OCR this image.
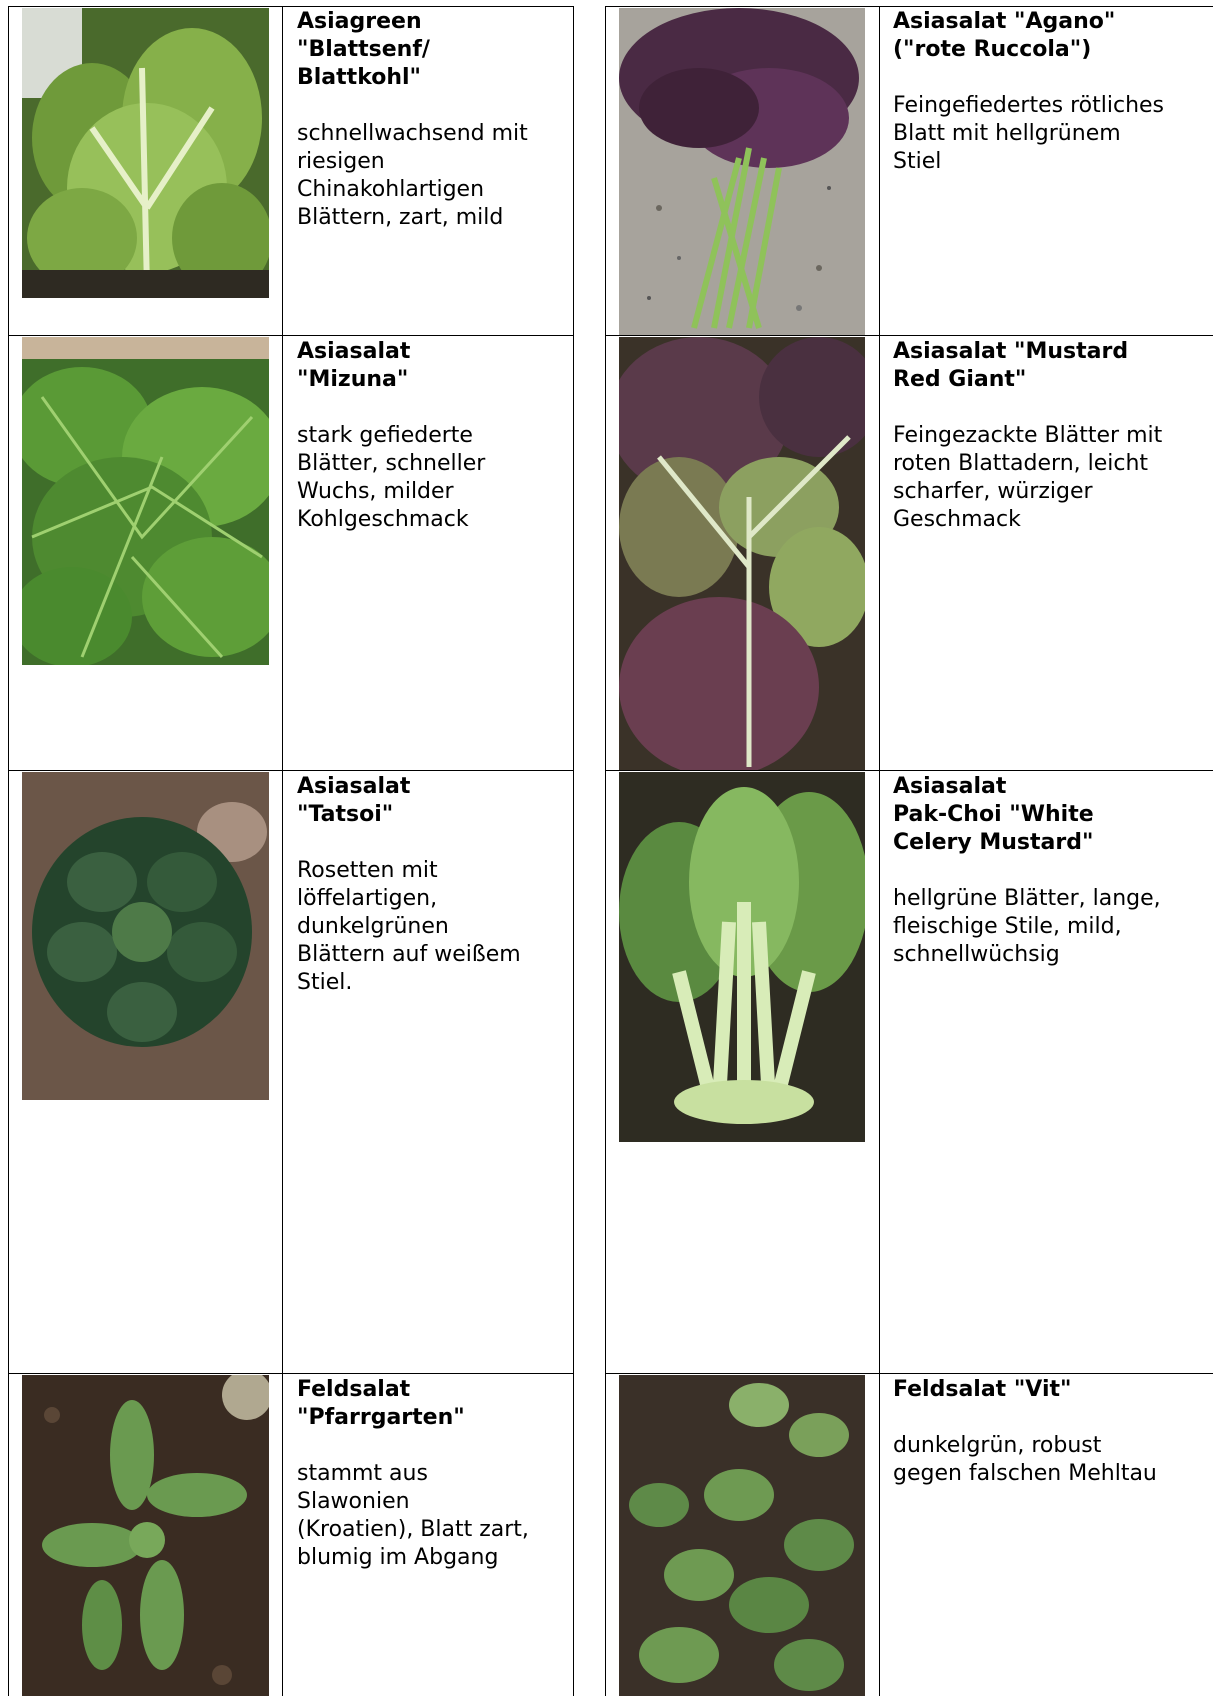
Asiagreen
"Blattsenf/
Blattkohl"

schnellwachsend mit
riesigen
Chinakohlartigen
Blättern, zart, mild

Asiasalat "Agano"
("rote Ruccola")

Feingefiedertes rötliches
Blatt mit hellgrünem
Stiel

Asiasalat
"Mizuna"

stark gefiederte
Blätter, schneller
Wuchs, milder
Kohlgeschmack

Asiasalat "Mustard
Red Giant"

Feingezackte Blätter mit
roten Blattadern, leicht
scharfer, würziger
Geschmack

Asiasalat
"Tatsoi"

Rosetten mit
löffelartigen,
dunkelgrünen
Blättern auf weißem
Stiel.

Asiasalat
Pak-Choi "White
Celery Mustard"

hellgrüne Blätter, lange,
fleischige Stile, mild,
schnellwüchsig

Feldsalat
"Pfarrgarten"

stammt aus
Slawonien
(Kroatien), Blatt zart,
blumig im Abgang

Feldsalat "Vit"

dunkelgrün, robust
gegen falschen Mehltau
